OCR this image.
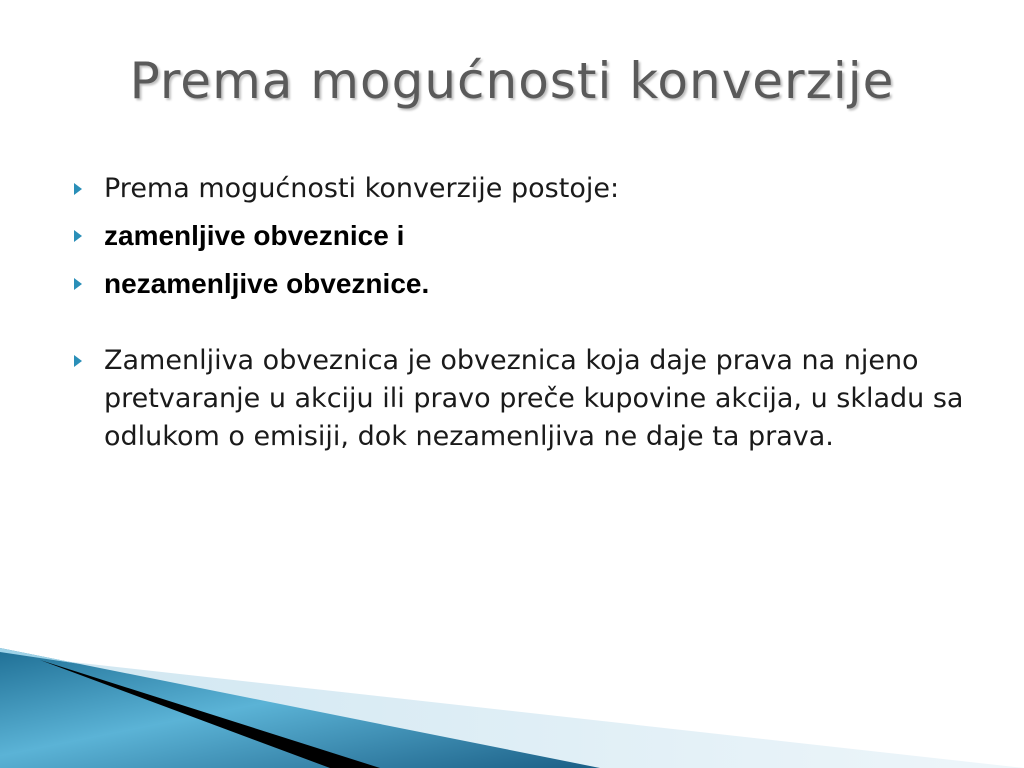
Prema mogućnosti konverzije
Prema mogućnosti konverzije postoje:
zamenljive obveznice i
nezamenljive obveznice.
Zamenljiva obveznica je obveznica koja daje prava na njeno pretvaranje u akciju ili pravo preče kupovine akcija, u skladu sa odlukom o emisiji, dok nezamenljiva ne daje ta prava.
